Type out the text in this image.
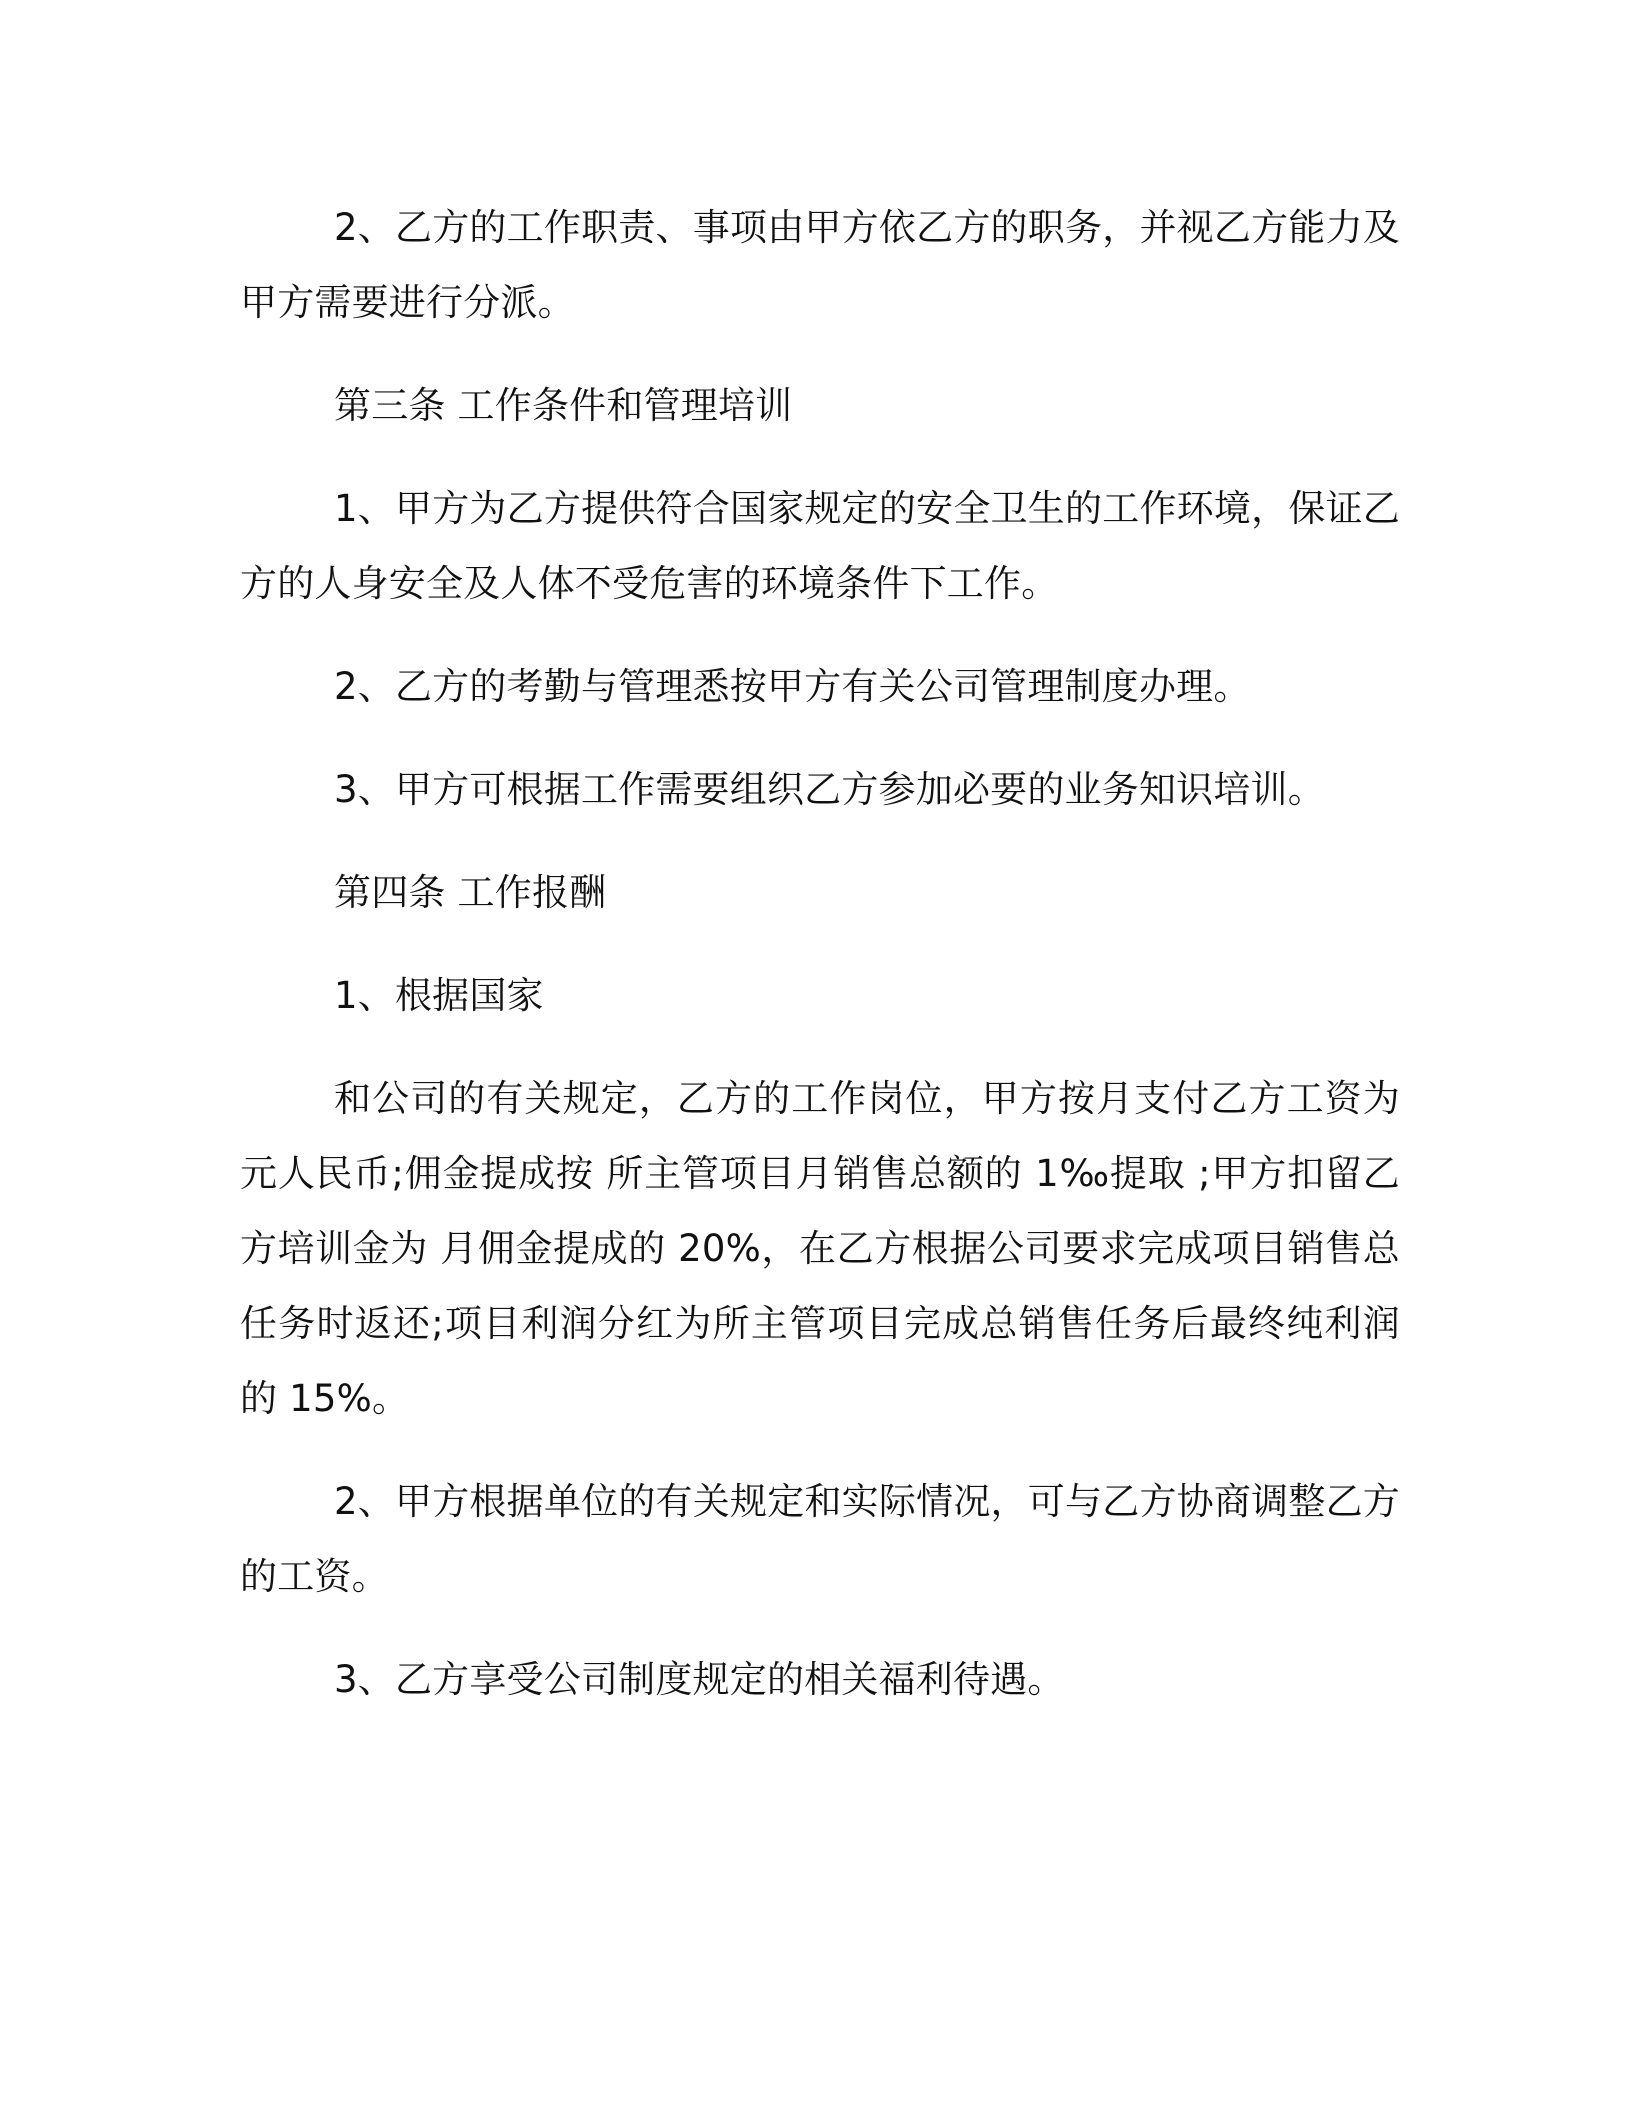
2、乙方的工作职责、事项由甲方依乙方的职务，并视乙方能力及甲方需要进行分派。

第三条 工作条件和管理培训

1、甲方为乙方提供符合国家规定的安全卫生的工作环境，保证乙方的人身安全及人体不受危害的环境条件下工作。

2、乙方的考勤与管理悉按甲方有关公司管理制度办理。

3、甲方可根据工作需要组织乙方参加必要的业务知识培训。

第四条 工作报酬

1、根据国家

和公司的有关规定，乙方的工作岗位，甲方按月支付乙方工资为元人民币;佣金提成按 所主管项目月销售总额的 1‰提取 ;甲方扣留乙方培训金为 月佣金提成的 20%，在乙方根据公司要求完成项目销售总任务时返还;项目利润分红为所主管项目完成总销售任务后最终纯利润的 15%。

2、甲方根据单位的有关规定和实际情况，可与乙方协商调整乙方的工资。

3、乙方享受公司制度规定的相关福利待遇。
